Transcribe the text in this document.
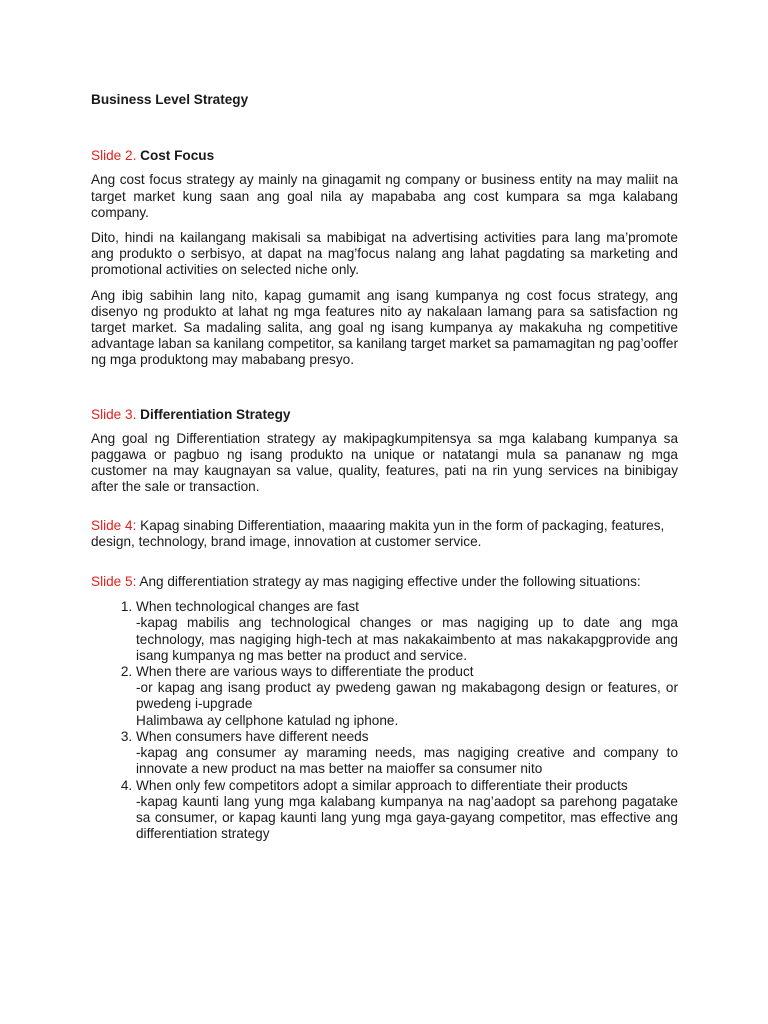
Business Level Strategy
Slide 2. Cost Focus

Ang cost focus strategy ay mainly na ginagamit ng company or business entity na may maliit na target market kung saan ang goal nila ay mapababa ang cost kumpara sa mga kalabang company.

Dito, hindi na kailangang makisali sa mabibigat na advertising activities para lang ma’promote ang produkto o serbisyo, at dapat na mag’focus nalang ang lahat pagdating sa marketing and promotional activities on selected niche only.

Ang ibig sabihin lang nito, kapag gumamit ang isang kumpanya ng cost focus strategy, ang disenyo ng produkto at lahat ng mga features nito ay nakalaan lamang para sa satisfaction ng target market. Sa madaling salita, ang goal ng isang kumpanya ay makakuha ng competitive advantage laban sa kanilang competitor, sa kanilang target market sa pamamagitan ng pag’ooffer ng mga produktong may mababang presyo.

Slide 3. Differentiation Strategy

Ang goal ng Differentiation strategy ay makipagkumpitensya sa mga kalabang kumpanya sa paggawa or pagbuo ng isang produkto na unique or natatangi mula sa pananaw ng mga customer na may kaugnayan sa value, quality, features, pati na rin yung services na binibigay after the sale or transaction.

Slide 4: Kapag sinabing Differentiation, maaaring makita yun in the form of packaging, features, design, technology, brand image, innovation at customer service.

Slide 5: Ang differentiation strategy ay mas nagiging effective under the following situations:

1. When technological changes are fast
-kapag mabilis ang technological changes or mas nagiging up to date ang mga technology, mas nagiging high-tech at mas nakakaimbento at mas nakakapgprovide ang isang kumpanya ng mas better na product and service.
2. When there are various ways to differentiate the product
-or kapag ang isang product ay pwedeng gawan ng makabagong design or features, or pwedeng i-upgrade
Halimbawa ay cellphone katulad ng iphone.
3. When consumers have different needs
-kapag ang consumer ay maraming needs, mas nagiging creative and company to innovate a new product na mas better na maioffer sa consumer nito
4. When only few competitors adopt a similar approach to differentiate their products
-kapag kaunti lang yung mga kalabang kumpanya na nag’aadopt sa parehong pagatake sa consumer, or kapag kaunti lang yung mga gaya-gayang competitor, mas effective ang differentiation strategy
